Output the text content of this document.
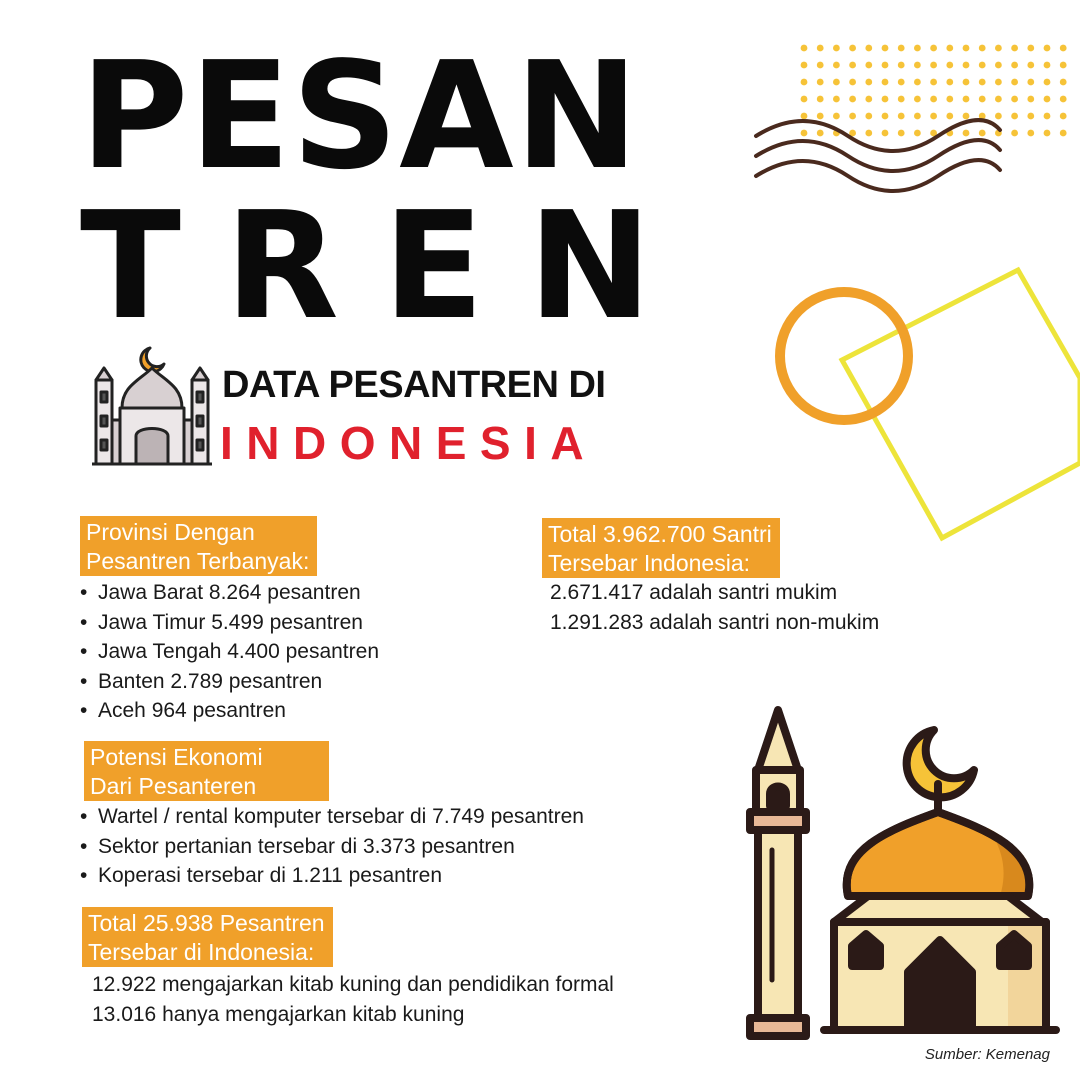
PESAN
TREN
DATA PESANTREN DI
INDONESIA
Provinsi Dengan
Pesantren Terbanyak:
• Jawa Barat 8.264 pesantren
• Jawa Timur 5.499 pesantren
• Jawa Tengah 4.400 pesantren
• Banten 2.789 pesantren
• Aceh 964 pesantren
Total 3.962.700 Santri
Tersebar Indonesia:
2.671.417 adalah santri mukim
1.291.283 adalah santri non-mukim
Potensi Ekonomi
Dari Pesanteren
• Wartel / rental komputer tersebar di 7.749 pesantren
• Sektor pertanian tersebar di 3.373 pesantren
• Koperasi tersebar di 1.211 pesantren
Total 25.938 Pesantren
Tersebar di Indonesia:
12.922 mengajarkan kitab kuning dan pendidikan formal
13.016 hanya mengajarkan kitab kuning
Sumber: Kemenag
